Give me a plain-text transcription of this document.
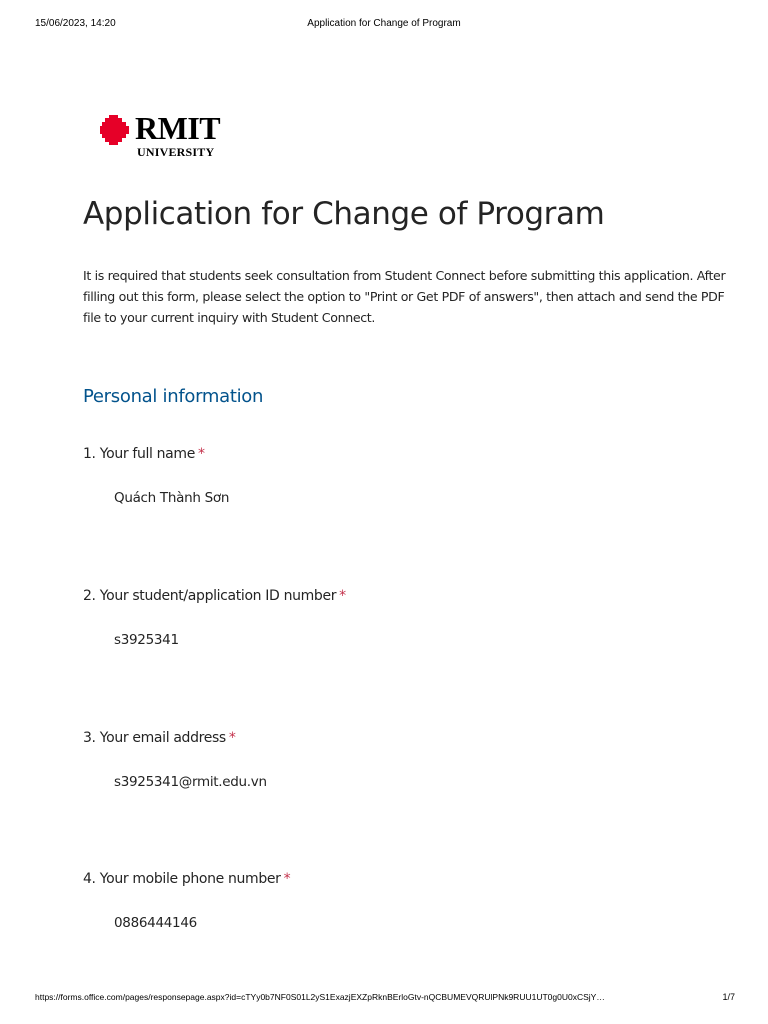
15/06/2023, 14:20	Application for Change of Program
RMIT
UNIVERSITY
Application for Change of Program

It is required that students seek consultation from Student Connect before submitting this application. After filling out this form, please select the option to "Print or Get PDF of answers", then attach and send the PDF file to your current inquiry with Student Connect.

Personal information
1. Your full name *
Quách Thành Sơn
2. Your student/application ID number *
s3925341
3. Your email address *
s3925341@rmit.edu.vn
4. Your mobile phone number *
0886444146
https://forms.office.com/pages/responsepage.aspx?id=cTYy0b7NF0S01L2yS1ExazjEXZpRknBErloGtv-nQCBUMEVQRUlPNk9RUU1UT0g0U0xCSjY…	1/7
